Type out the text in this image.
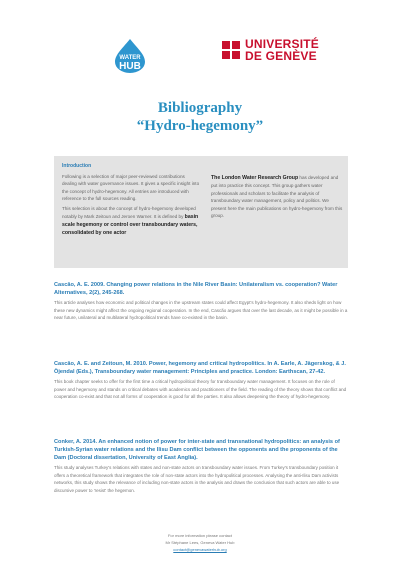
WATER
HUB
UNIVERSITÉ
DE GENÈVE
Bibliography
“Hydro-hegemony”
Introduction

Following is a selection of major peer-reviewed contributions dealing with water governance issues. It gives a specific insight into the concept of hydro-hegemony. All entries are introduced with reference to the full sources reading.

This selection is about the concept of hydro-hegemony developed notably by Mark Zeitoun and Jeroen Warner. It is defined by basin scale hegemony or control over transboundary waters, consolidated by one actor

The London Water Research Group has developed and put into practice this concept. This group gathers water professionals and scholars to facilitate the analysis of transboundary water management, policy and politics. We present here the main publications on hydro-hegemony from this group.
Cascão, A. E. 2009. Changing power relations in the Nile River Basin: Unilateralism vs. cooperation? Water Alternatives, 2(2), 245-268.
This article analyses how economic and political changes in the upstream states could affect Egypt's hydro-hegemony. It also sheds light on how these new dynamics might affect the ongoing regional cooperation. In the end, Cascão argues that over the last decade, as it might be possible in a near future, unilateral and multilateral hydropolitical trends have co-existed in the basin.
Cascão, A. E. and Zeitoun, M. 2010. Power, hegemony and critical hydropolitics. In A. Earle, A. Jägerskog, & J. Öjendal (Eds.), Transboundary water management: Principles and practice. London: Earthscan, 27-42.
This book chapter seeks to offer for the first time a critical hydropolitical theory for transboundary water management. It focuses on the role of power and hegemony and stands on critical debates with academics and practitioners of the field. The reading of the theory shows that conflict and cooperation co-exist and that not all forms of cooperation is good for all the parties. It also allows deepening the theory of hydro-hegemony.
Conker, A. 2014. An enhanced notion of power for inter-state and transnational hydropolitics: an analysis of Turkish-Syrian water relations and the Ilisu Dam conflict between the opponents and the proponents of the Dam (Doctoral dissertation, University of East Anglia).
This study analyses Turkey's relations with states and non-state actors on transboundary water issues. From Turkey's transboundary position it offers a theoretical framework that integrates the role of non-state actors into the hydropolitical processes. Analysing the anti-Ilisu Dam activists networks, this study shows the relevance of including non-state actors in the analysis and draws the conclusion that such actors are able to use discursive power to 'resist' the hegemon.
For more information please contact
Mr Stéphane Lees, Geneva Water Hub
contact@genevawaterhub.org
